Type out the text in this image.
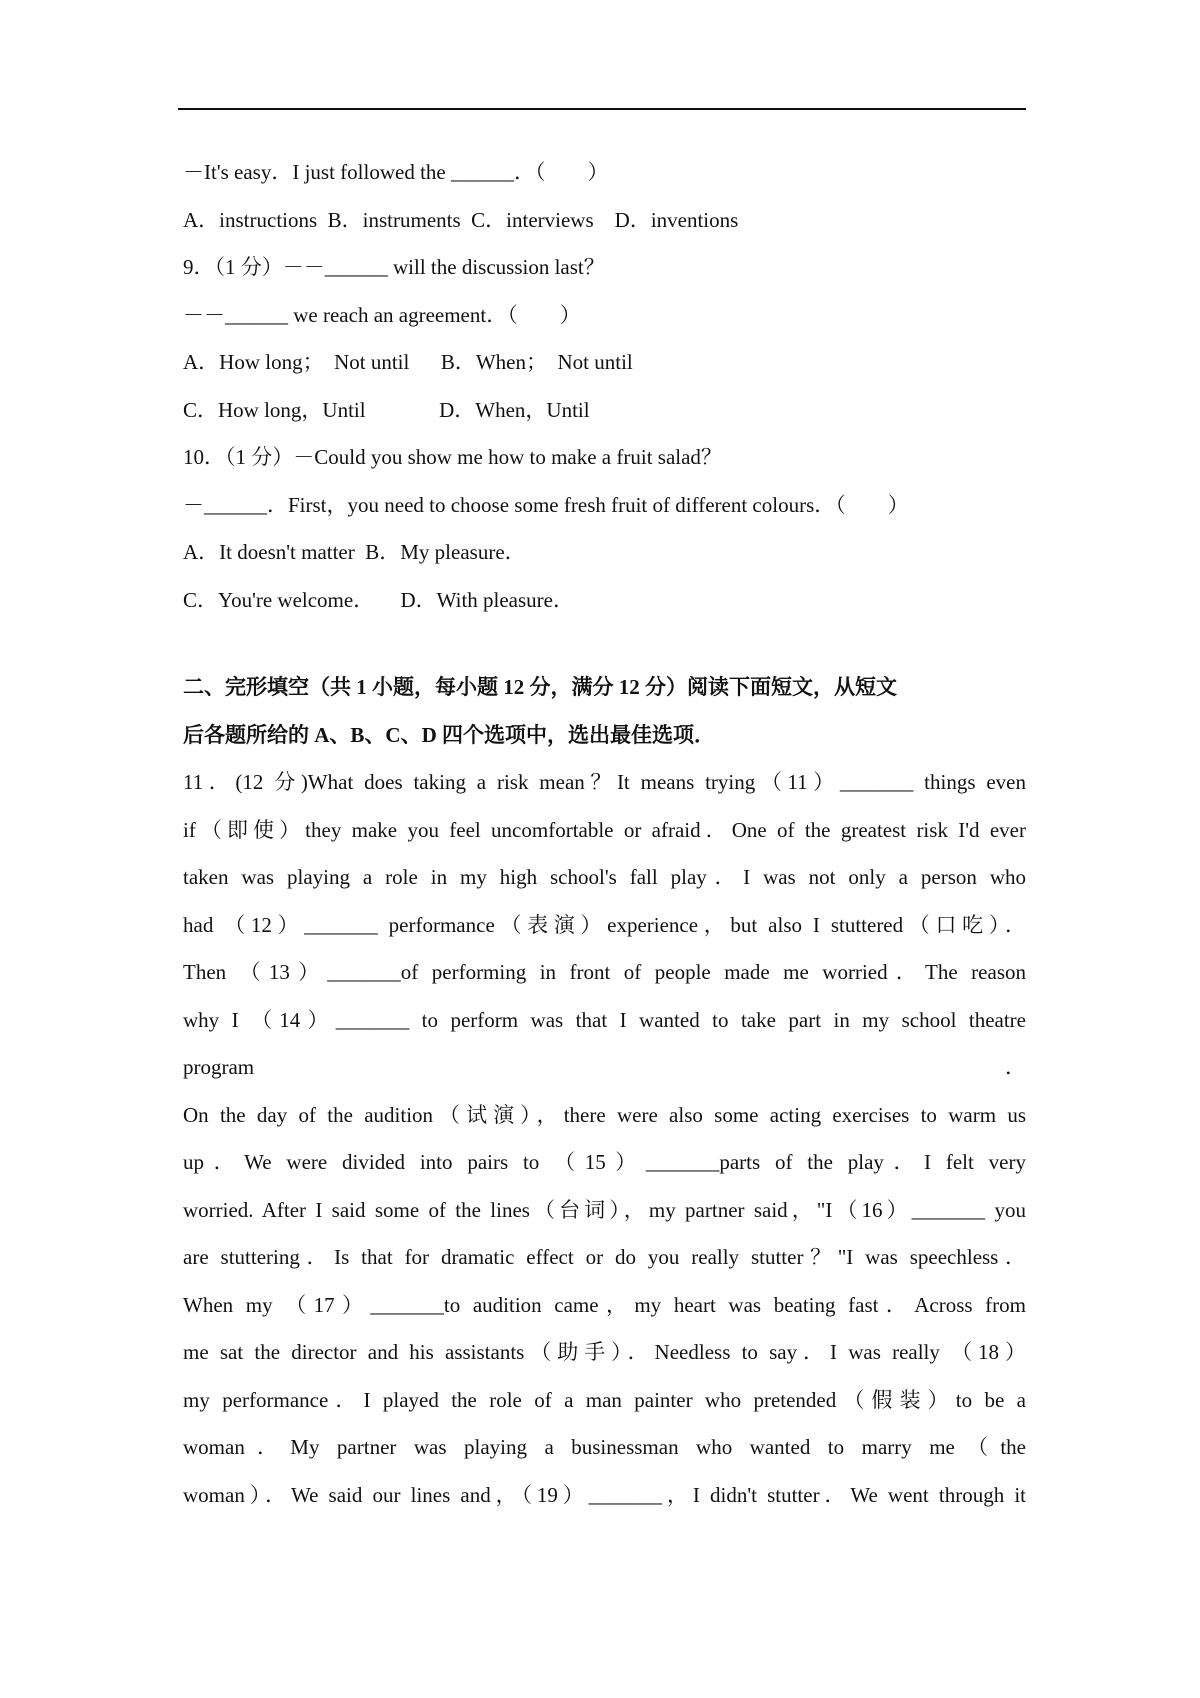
－It's easy．I just followed the ______．（　　）
A．instructions  B．instruments  C．interviews    D．inventions
9．（1 分）－－______ will the discussion last？
－－______ we reach an agreement．（　　）
A．How long；  Not until      B．When；  Not until
C．How long，Until              D．When，Until
10．（1 分）－Could you show me how to make a fruit salad？
－______．First，you need to choose some fresh fruit of different colours．（　　）
A．It doesn't matter  B．My pleasure．
C．You're welcome．     D．With pleasure．
二、完形填空（共 1 小题，每小题 12 分，满分 12 分）阅读下面短文，从短文
后各题所给的 A、B、C、D 四个选项中，选出最佳选项．
11．(12 分)What does taking a risk mean？It means trying（11）_______ things even
if（即使）they make you feel uncomfortable or afraid．One of the greatest risk I'd ever
taken was playing a role in my high school's fall play．I was not only a person who
had （12）_______ performance（表演）experience，but also I stuttered（口吃）．
Then （13）_______of performing in front of people made me worried．The reason
why I （14）_______ to perform was that I wanted to take part in my school theatre
program．
On the day of the audition（试演），there were also some acting exercises to warm us
up．We were divided into pairs to （15）_______parts of the play．I felt very
worried. After I said some of the lines（台词），my partner said，"I（16）_______ you
are stuttering．Is that for dramatic effect or do you really stutter？"I was speechless．
When my （17）_______to audition came，my heart was beating fast．Across from
me sat the director and his assistants（助手）．Needless to say．I was really （18）
my performance．I played the role of a man painter who pretended（假装）to be a
woman．My partner was playing a businessman who wanted to marry me（the
woman）．We said our lines and，（19）_______，I didn't stutter．We went through it
